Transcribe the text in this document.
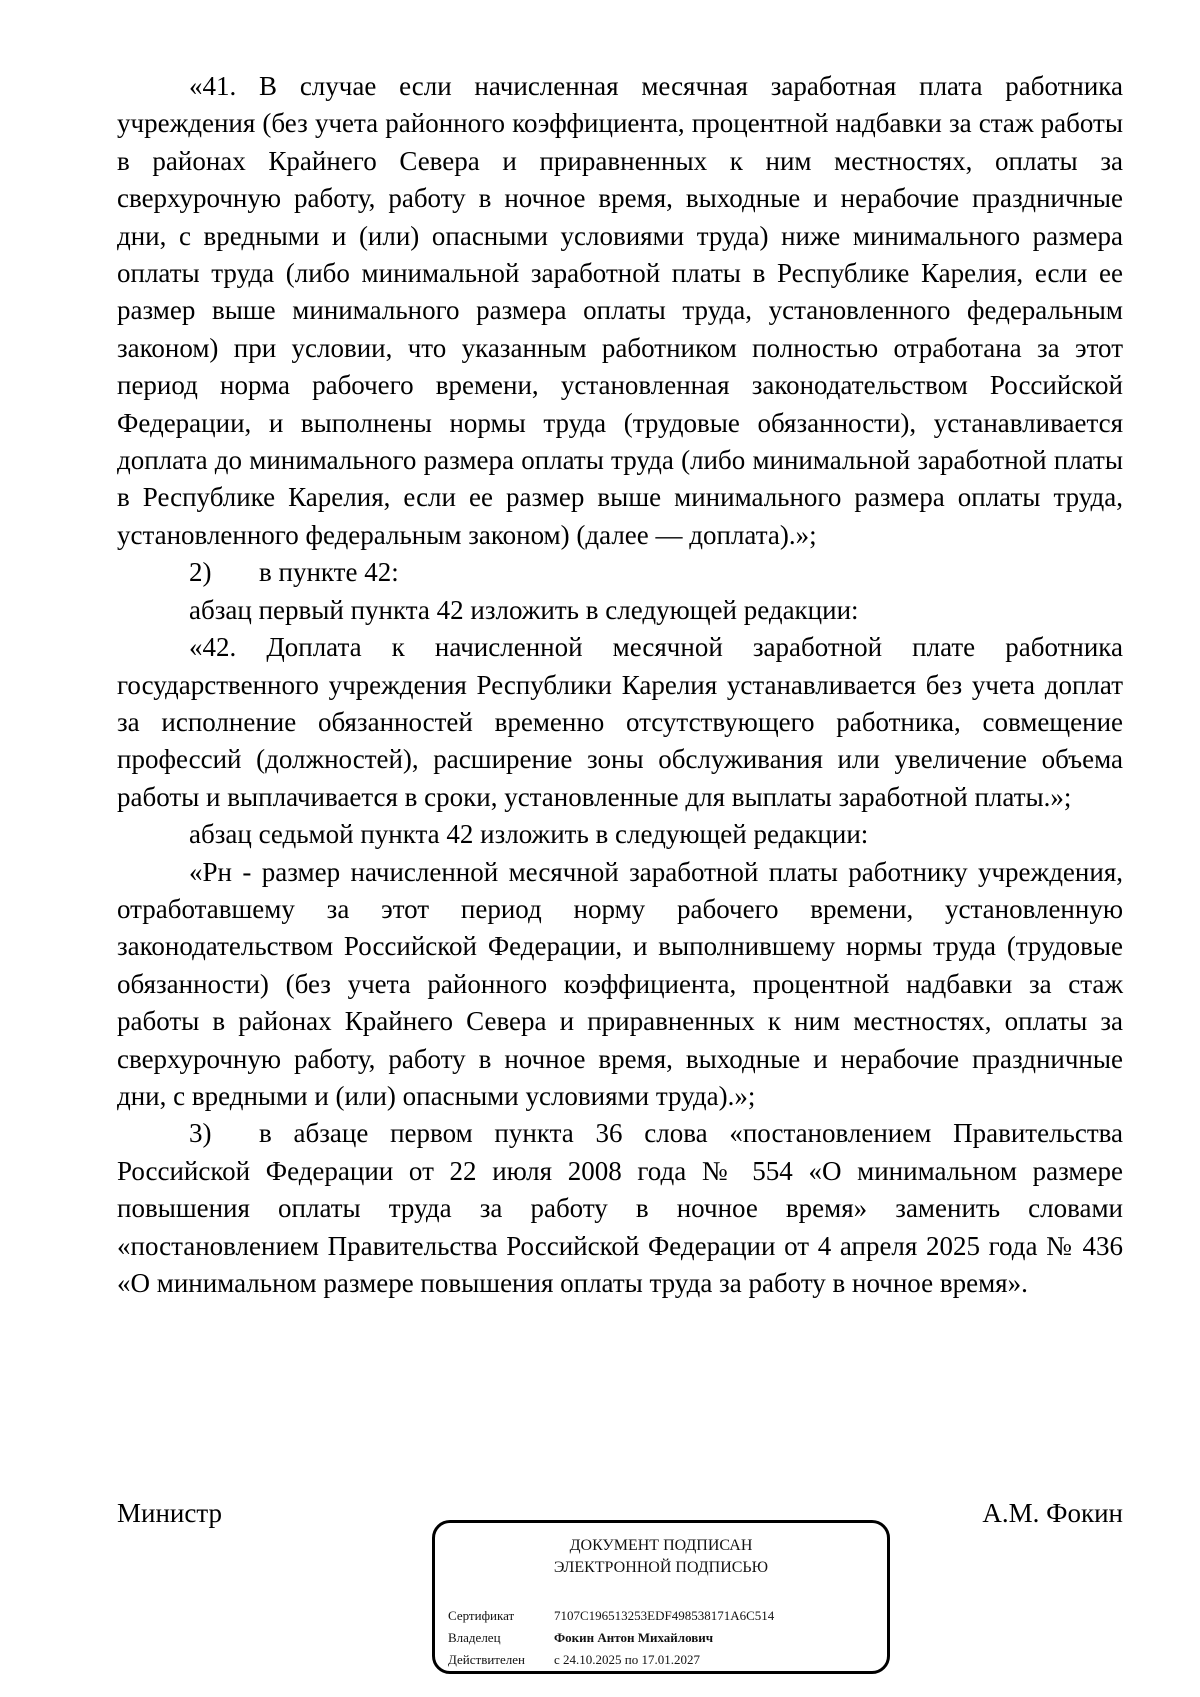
«41. В случае если начисленная месячная заработная плата работника учреждения (без учета районного коэффициента, процентной надбавки за стаж работы в районах Крайнего Севера и приравненных к ним местностях, оплаты за сверхурочную работу, работу в ночное время, выходные и нерабочие праздничные дни, с вредными и (или) опасными условиями труда) ниже минимального размера оплаты труда (либо минимальной заработной платы в Республике Карелия, если ее размер выше минимального размера оплаты труда, установленного федеральным законом) при условии, что указанным работником полностью отработана за этот период норма рабочего времени, установленная законодательством Российской Федерации, и выполнены нормы труда (трудовые обязанности), устанавливается доплата до минимального размера оплаты труда (либо минимальной заработной платы в Республике Карелия, если ее размер выше минимального размера оплаты труда, установленного федеральным законом) (далее — доплата).»;

2) в пункте 42:

абзац первый пункта 42 изложить в следующей редакции:

«42. Доплата к начисленной месячной заработной плате работника государственного учреждения Республики Карелия устанавливается без учета доплат за исполнение обязанностей временно отсутствующего работника, совмещение профессий (должностей), расширение зоны обслуживания или увеличение объема работы и выплачивается в сроки, установленные для выплаты заработной платы.»;

абзац седьмой пункта 42 изложить в следующей редакции:

«Рн - размер начисленной месячной заработной платы работнику учреждения, отработавшему за этот период норму рабочего времени, установленную законодательством Российской Федерации, и выполнившему нормы труда (трудовые обязанности) (без учета районного коэффициента, процентной надбавки за стаж работы в районах Крайнего Севера и приравненных к ним местностях, оплаты за сверхурочную работу, работу в ночное время, выходные и нерабочие праздничные дни, с вредными и (или) опасными условиями труда).»;

3) в абзаце первом пункта 36 слова «постановлением Правительства Российской Федерации от 22 июля 2008 года № 554 «О минимальном размере повышения оплаты труда за работу в ночное время» заменить словами «постановлением Правительства Российской Федерации от 4 апреля 2025 года № 436 «О минимальном размере повышения оплаты труда за работу в ночное время».

Министр	А.М. Фокин
ДОКУМЕНТ ПОДПИСАН
ЭЛЕКТРОННОЙ ПОДПИСЬЮ
Сертификат	7107C196513253EDF498538171A6C514
Владелец	Фокин Антон Михайлович
Действителен с 24.10.2025 по 17.01.2027
